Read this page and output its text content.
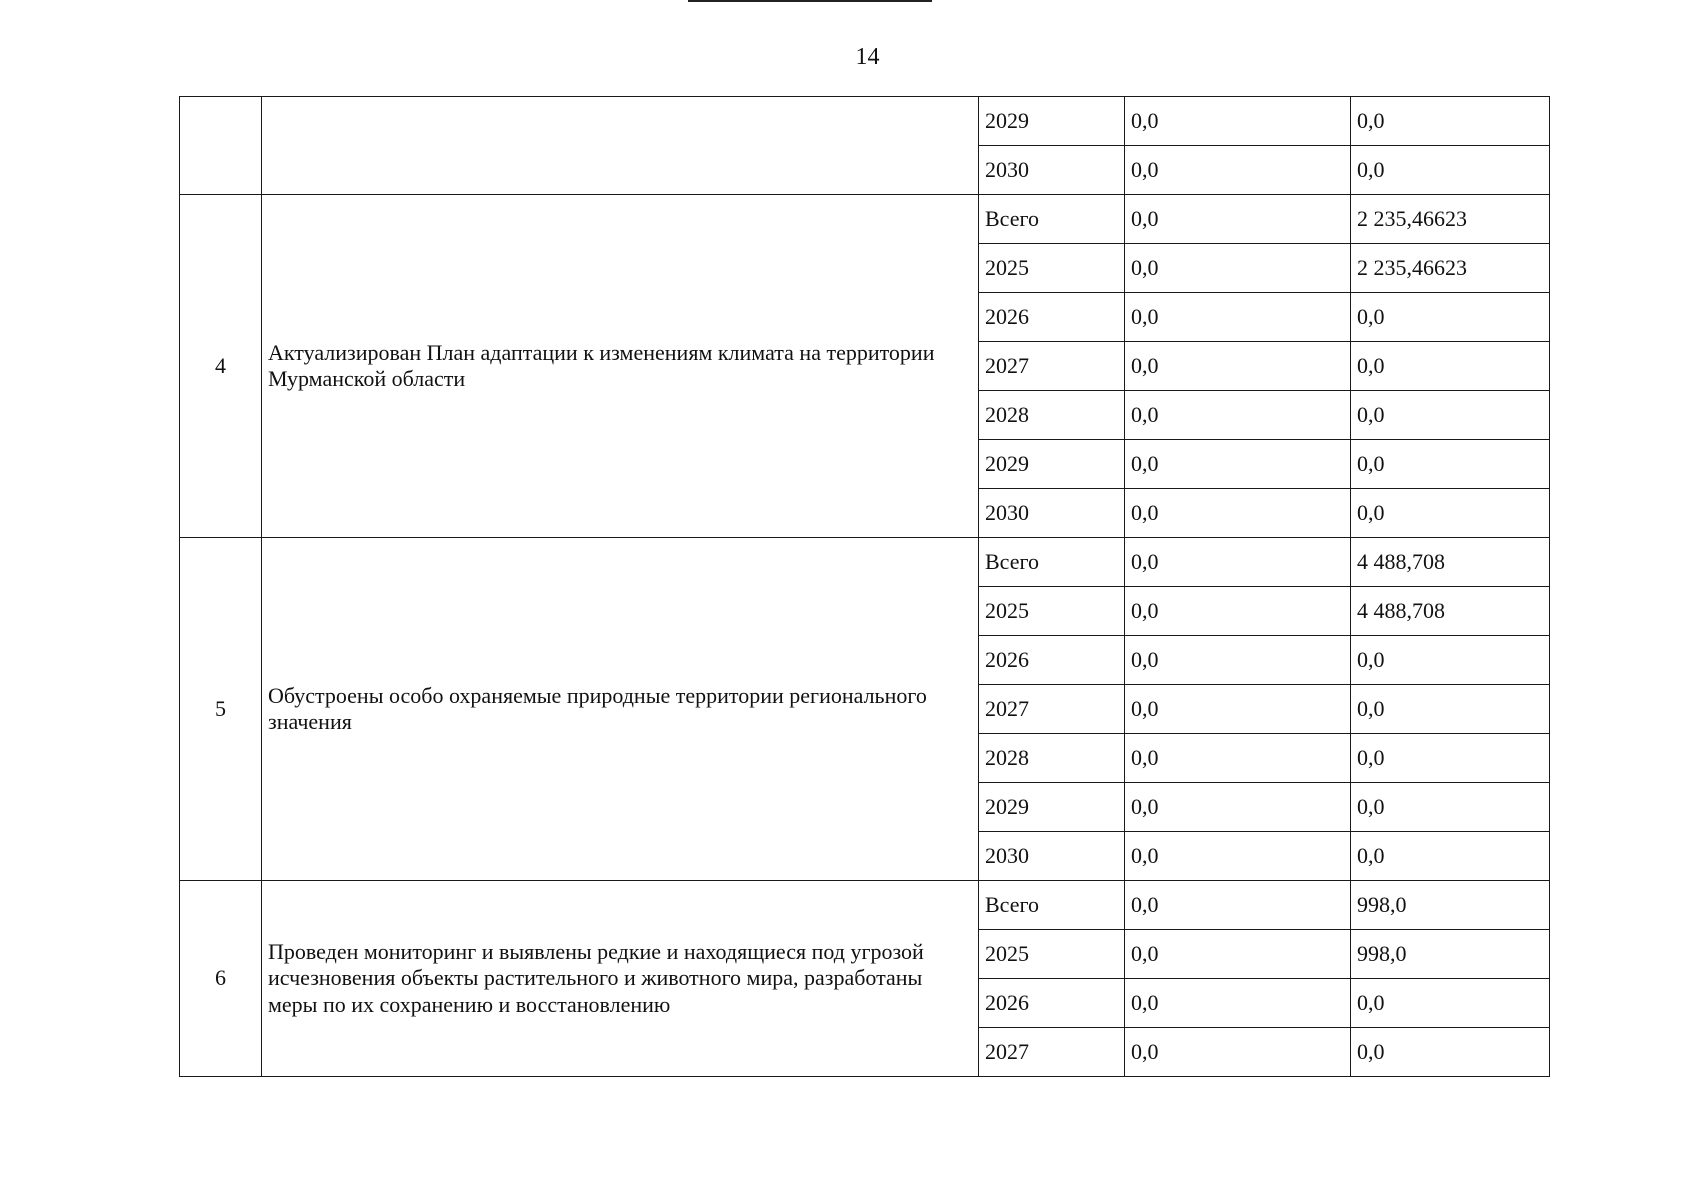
14
		2029	0,0	0,0
		2030	0,0	0,0
4	Актуализирован План адаптации к изменениям климата на территории Мурманской области	Всего	0,0	2 235,46623
		2025	0,0	2 235,46623
		2026	0,0	0,0
		2027	0,0	0,0
		2028	0,0	0,0
		2029	0,0	0,0
		2030	0,0	0,0
5	Обустроены особо охраняемые природные территории регионального значения	Всего	0,0	4 488,708
		2025	0,0	4 488,708
		2026	0,0	0,0
		2027	0,0	0,0
		2028	0,0	0,0
		2029	0,0	0,0
		2030	0,0	0,0
6	Проведен мониторинг и выявлены редкие и находящиеся под угрозой исчезновения объекты растительного и животного мира, разработаны меры по их сохранению и восстановлению	Всего	0,0	998,0
		2025	0,0	998,0
		2026	0,0	0,0
		2027	0,0	0,0
